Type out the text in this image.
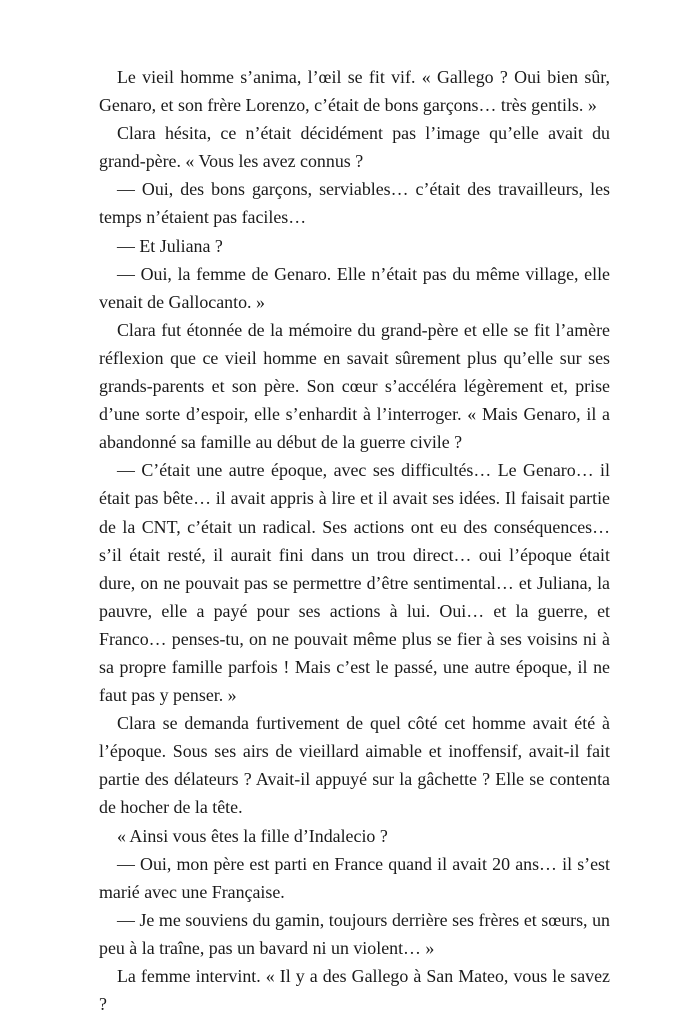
Le vieil homme s’anima, l’œil se fit vif. « Gallego ? Oui bien sûr, Genaro, et son frère Lorenzo, c’était de bons garçons… très gentils. »

Clara hésita, ce n’était décidément pas l’image qu’elle avait du grand-père. « Vous les avez connus ?

— Oui, des bons garçons, serviables… c’était des travailleurs, les temps n’étaient pas faciles…

— Et Juliana ?

— Oui, la femme de Genaro. Elle n’était pas du même village, elle venait de Gallocanto. »

Clara fut étonnée de la mémoire du grand-père et elle se fit l’amère réflexion que ce vieil homme en savait sûrement plus qu’elle sur ses grands-parents et son père. Son cœur s’accéléra légèrement et, prise d’une sorte d’espoir, elle s’enhardit à l’interroger. « Mais Genaro, il a abandonné sa famille au début de la guerre civile ?

— C’était une autre époque, avec ses difficultés… Le Genaro… il était pas bête… il avait appris à lire et il avait ses idées. Il faisait partie de la CNT, c’était un radical. Ses actions ont eu des conséquences… s’il était resté, il aurait fini dans un trou direct… oui l’époque était dure, on ne pouvait pas se permettre d’être sentimental… et Juliana, la pauvre, elle a payé pour ses actions à lui. Oui… et la guerre, et Franco… penses-tu, on ne pouvait même plus se fier à ses voisins ni à sa propre famille parfois ! Mais c’est le passé, une autre époque, il ne faut pas y penser. »

Clara se demanda furtivement de quel côté cet homme avait été à l’époque. Sous ses airs de vieillard aimable et inoffensif, avait-il fait partie des délateurs ? Avait-il appuyé sur la gâchette ? Elle se contenta de hocher de la tête.

« Ainsi vous êtes la fille d’Indalecio ?

— Oui, mon père est parti en France quand il avait 20 ans… il s’est marié avec une Française.

— Je me souviens du gamin, toujours derrière ses frères et sœurs, un peu à la traîne, pas un bavard ni un violent… »

La femme intervint. « Il y a des Gallego à San Mateo, vous le savez ?
